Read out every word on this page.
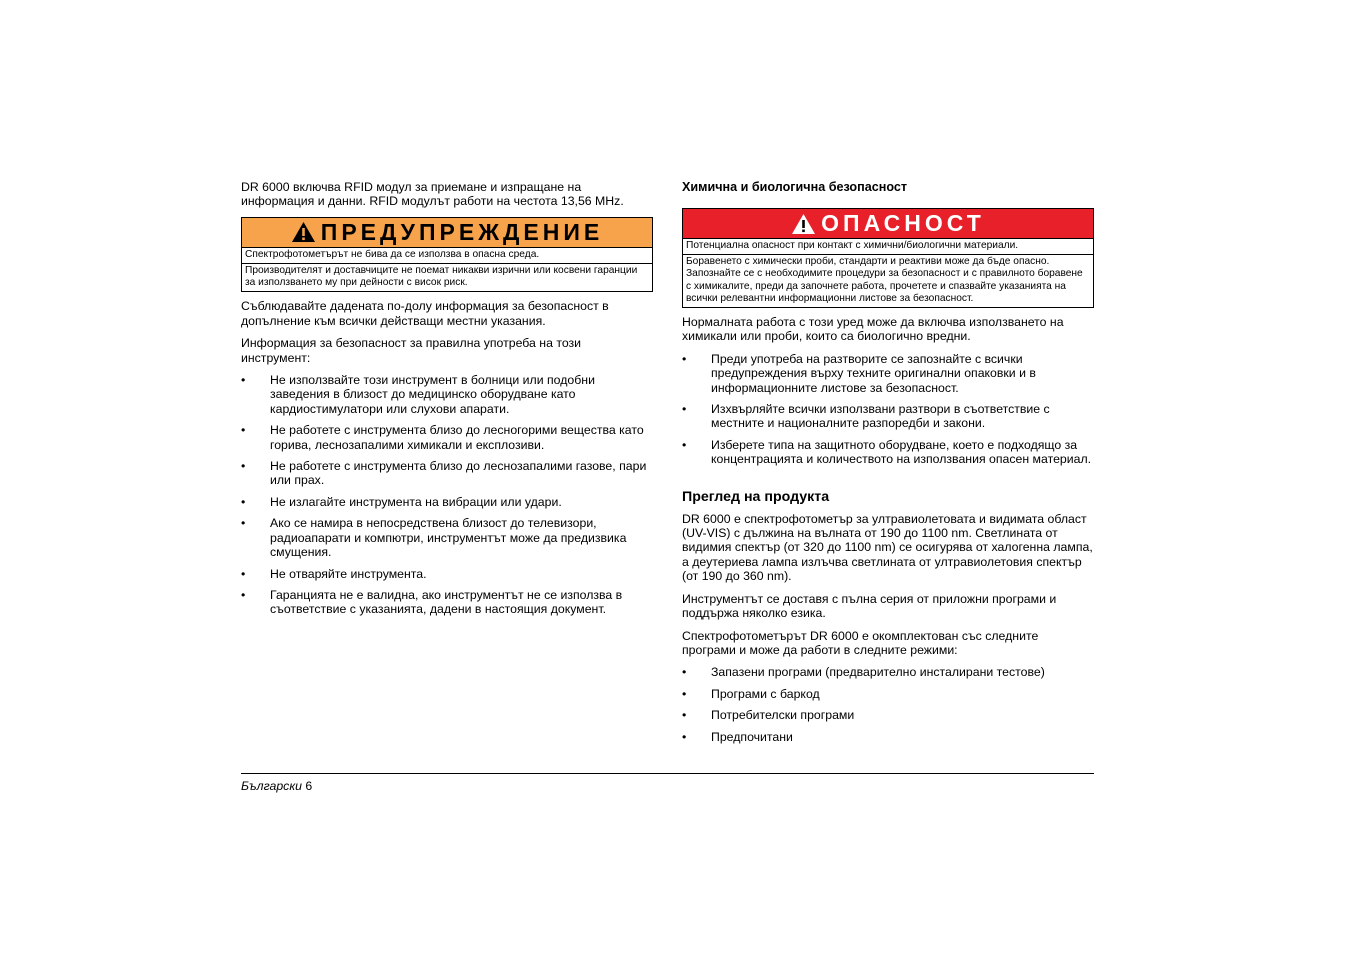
DR 6000 включва RFID модул за приемане и изпращане на информация и данни. RFID модулът работи на честота 13,56 MHz.

ПРЕДУПРЕЖДЕНИЕ

Спектрофотометърът не бива да се използва в опасна среда.

Производителят и доставчиците не поемат никакви изрични или косвени гаранции за използването му при дейности с висок риск.

Съблюдавайте дадената по-долу информация за безопасност в допълнение към всички действащи местни указания.

Информация за безопасност за правилна употреба на този инструмент:

• Не използвайте този инструмент в болници или подобни заведения в близост до медицинско оборудване като кардиостимулатори или слухови апарати.
• Не работете с инструмента близо до лесногорими вещества като горива, леснозапалими химикали и експлозиви.
• Не работете с инструмента близо до леснозапалими газове, пари или прах.
• Не излагайте инструмента на вибрации или удари.
• Ако се намира в непосредствена близост до телевизори, радиоапарати и компютри, инструментът може да предизвика смущения.
• Не отваряйте инструмента.
• Гаранцията не е валидна, ако инструментът не се използва в съответствие с указанията, дадени в настоящия документ.
Химична и биологична безопасност
ОПАСНОСТ

Потенциална опасност при контакт с химични/биологични материали.

Боравенето с химически проби, стандарти и реактиви може да бъде опасно. Запознайте се с необходимите процедури за безопасност и с правилното боравене с химикалите, преди да започнете работа, прочетете и спазвайте указанията на всички релевантни информационни листове за безопасност.

Нормалната работа с този уред може да включва използването на химикали или проби, които са биологично вредни.

• Преди употреба на разтворите се запознайте с всички предупреждения върху техните оригинални опаковки и в информационните листове за безопасност.
• Изхвърляйте всички използвани разтвори в съответствие с местните и националните разпоредби и закони.
• Изберете типа на защитното оборудване, което е подходящо за концентрацията и количеството на използвания опасен материал.
Преглед на продукта

DR 6000 е спектрофотометър за ултравиолетовата и видимата област (UV-VIS) с дължина на вълната от 190 до 1100 nm. Светлината от видимия спектър (от 320 до 1100 nm) се осигурява от халогенна лампа, а деутериева лампа излъчва светлината от ултравиолетовия спектър (от 190 до 360 nm).

Инструментът се доставя с пълна серия от приложни програми и поддържа няколко езика.

Спектрофотометърът DR 6000 е окомплектован със следните програми и може да работи в следните режими:

• Запазени програми (предварително инсталирани тестове)
• Програми с баркод
• Потребителски програми
• Предпочитани
Български 6
